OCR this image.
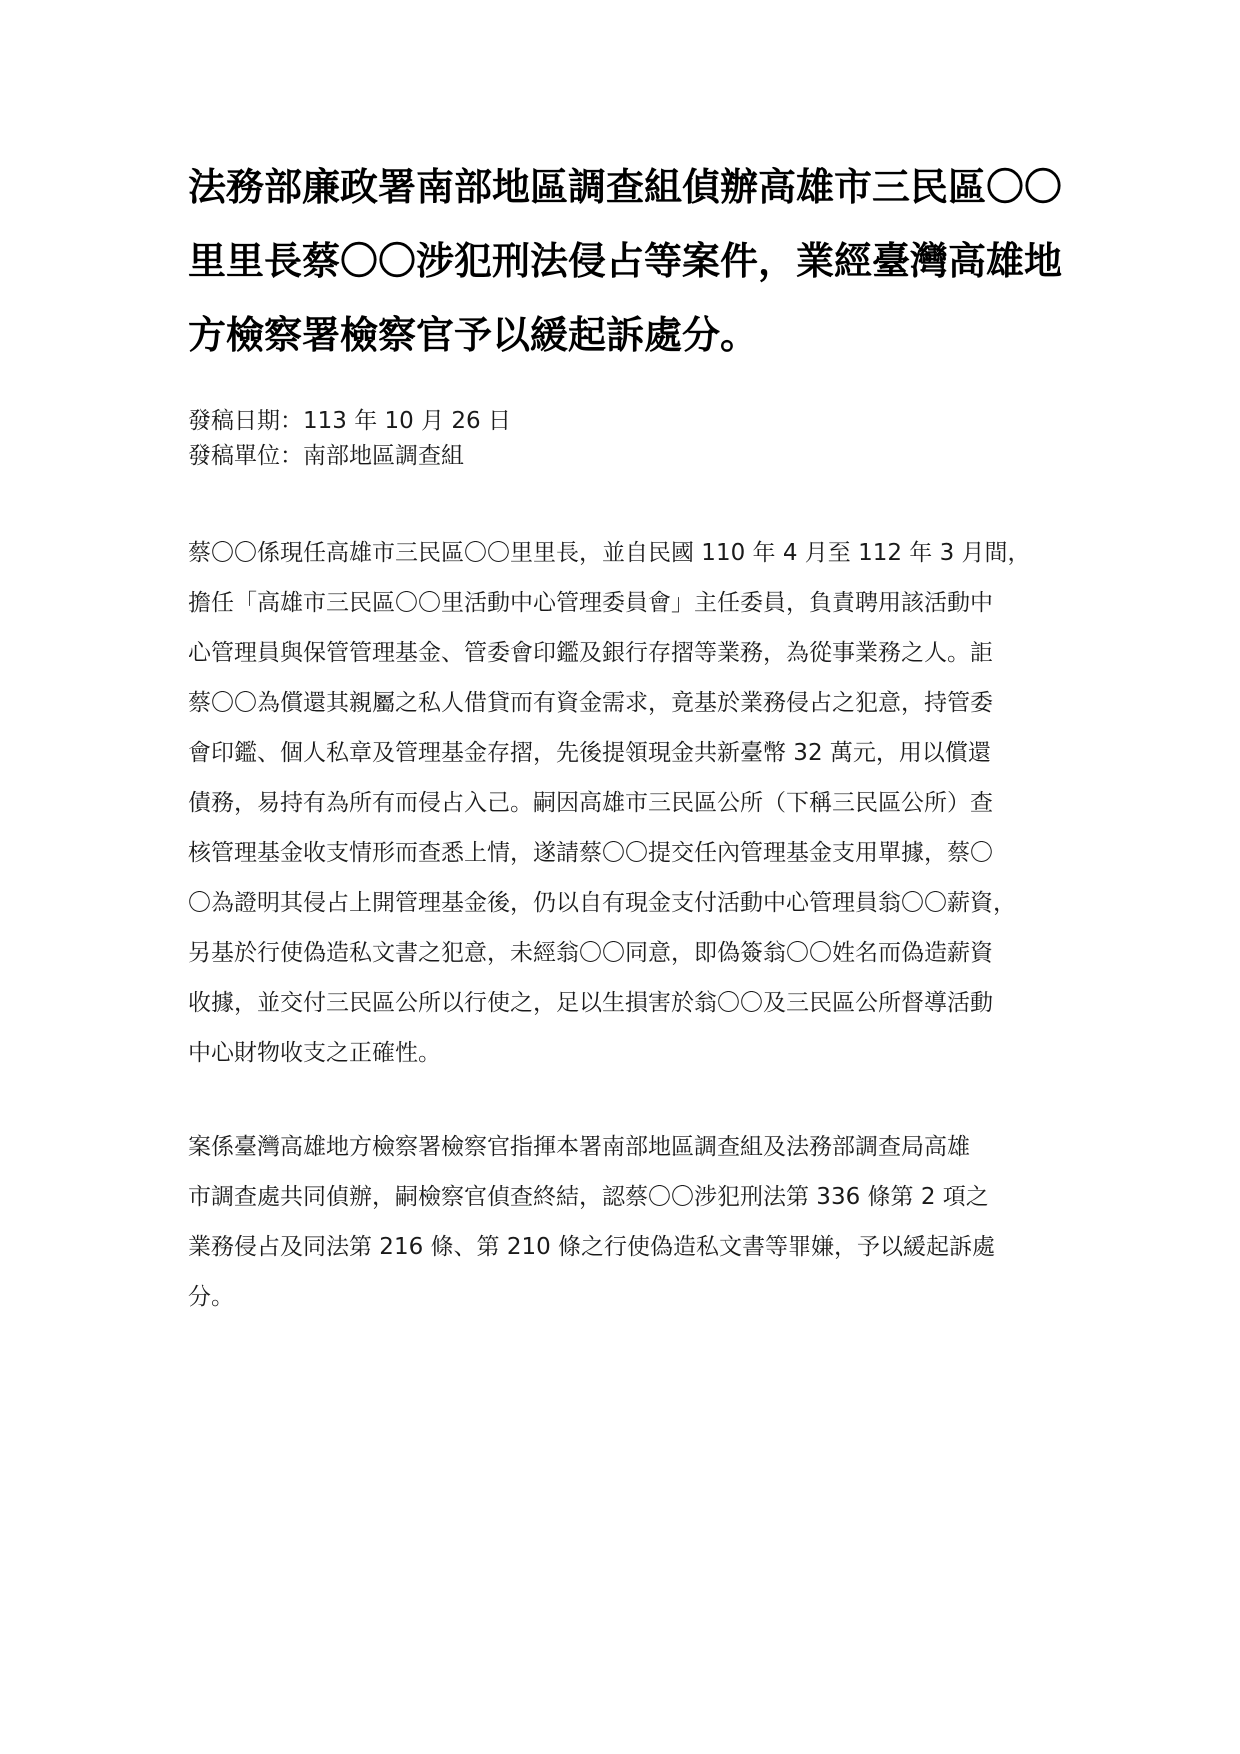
法務部廉政署南部地區調查組偵辦高雄市三民區〇〇
里里長蔡〇〇涉犯刑法侵占等案件，業經臺灣高雄地
方檢察署檢察官予以緩起訴處分。
發稿日期：113 年 10 月 26 日
發稿單位：南部地區調查組

蔡〇〇係現任高雄市三民區〇〇里里長，並自民國 110 年 4 月至 112 年 3 月間，
擔任「高雄市三民區〇〇里活動中心管理委員會」主任委員，負責聘用該活動中
心管理員與保管管理基金、管委會印鑑及銀行存摺等業務，為從事業務之人。詎
蔡〇〇為償還其親屬之私人借貸而有資金需求，竟基於業務侵占之犯意，持管委
會印鑑、個人私章及管理基金存摺，先後提領現金共新臺幣 32 萬元，用以償還
債務，易持有為所有而侵占入己。嗣因高雄市三民區公所（下稱三民區公所）查
核管理基金收支情形而查悉上情，遂請蔡〇〇提交任內管理基金支用單據，蔡〇
〇為證明其侵占上開管理基金後，仍以自有現金支付活動中心管理員翁〇〇薪資，
另基於行使偽造私文書之犯意，未經翁〇〇同意，即偽簽翁〇〇姓名而偽造薪資
收據，並交付三民區公所以行使之，足以生損害於翁〇〇及三民區公所督導活動
中心財物收支之正確性。

案係臺灣高雄地方檢察署檢察官指揮本署南部地區調查組及法務部調查局高雄
市調查處共同偵辦，嗣檢察官偵查終結，認蔡〇〇涉犯刑法第 336 條第 2 項之
業務侵占及同法第 216 條、第 210 條之行使偽造私文書等罪嫌，予以緩起訴處
分。
